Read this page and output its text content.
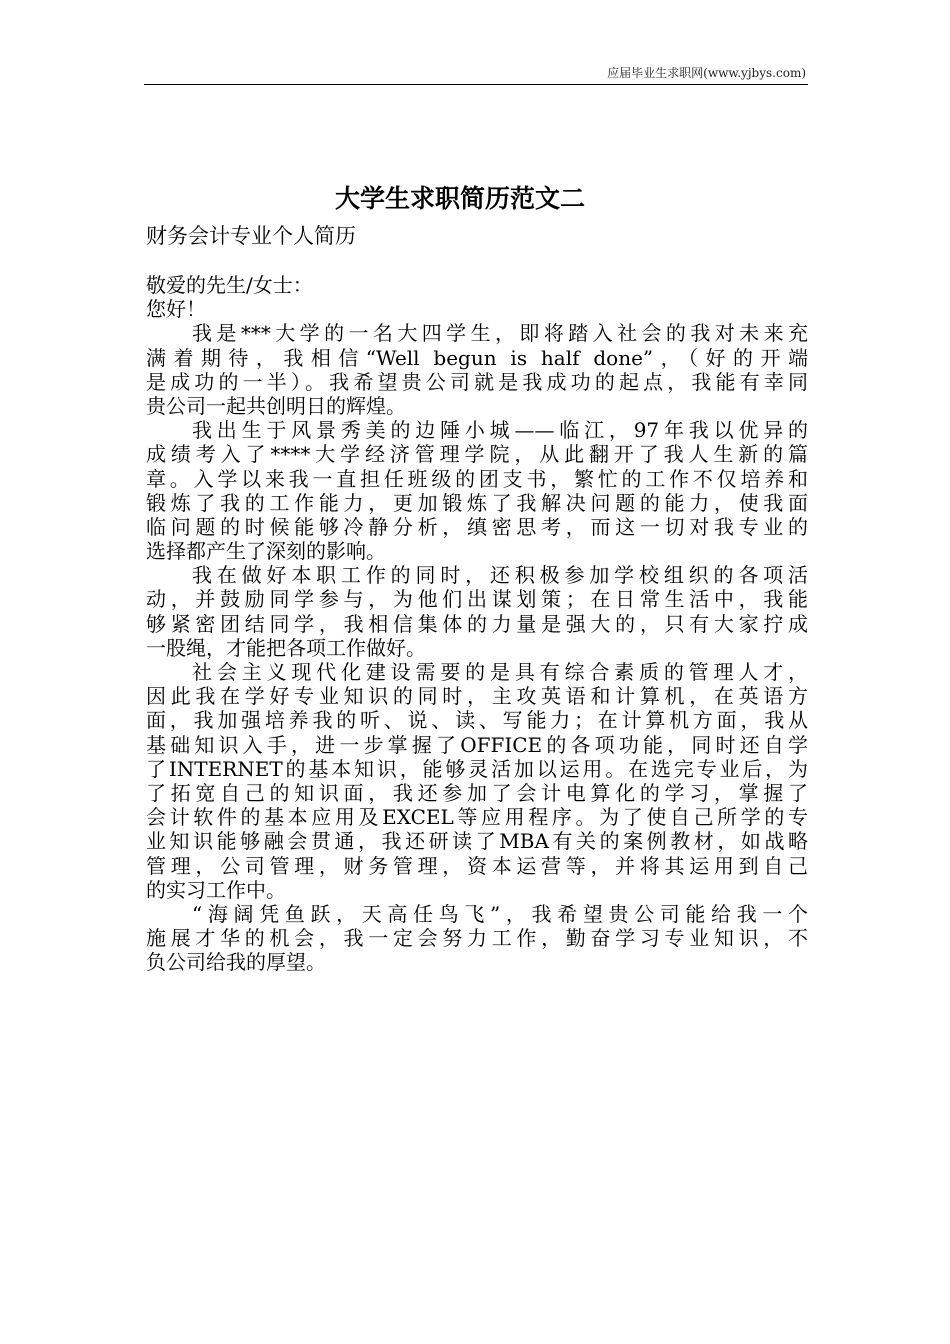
应届毕业生求职网(www.yjbys.com)
大学生求职简历范文二
财务会计专业个人简历
敬爱的先生/女士：
您好！
我是***大学的一名大四学生，即将踏入社会的我对未来充
满着期待，我相信“Well begun is half done”，（好的开端
是成功的一半）。我希望贵公司就是我成功的起点，我能有幸同
贵公司一起共创明日的辉煌。
我出生于风景秀美的边陲小城——临江，97年我以优异的
成绩考入了****大学经济管理学院，从此翻开了我人生新的篇
章。入学以来我一直担任班级的团支书，繁忙的工作不仅培养和
锻炼了我的工作能力，更加锻炼了我解决问题的能力，使我面
临问题的时候能够冷静分析，缜密思考，而这一切对我专业的
选择都产生了深刻的影响。
我在做好本职工作的同时，还积极参加学校组织的各项活
动，并鼓励同学参与，为他们出谋划策；在日常生活中，我能
够紧密团结同学，我相信集体的力量是强大的，只有大家拧成
一股绳，才能把各项工作做好。
社会主义现代化建设需要的是具有综合素质的管理人才，
因此我在学好专业知识的同时，主攻英语和计算机，在英语方
面，我加强培养我的听、说、读、写能力；在计算机方面，我从
基础知识入手，进一步掌握了OFFICE的各项功能，同时还自学
了INTERNET的基本知识，能够灵活加以运用。在选完专业后，为
了拓宽自己的知识面，我还参加了会计电算化的学习，掌握了
会计软件的基本应用及EXCEL等应用程序。为了使自己所学的专
业知识能够融会贯通，我还研读了MBA有关的案例教材，如战略
管理，公司管理，财务管理，资本运营等，并将其运用到自己
的实习工作中。
“海阔凭鱼跃，天高任鸟飞”，我希望贵公司能给我一个
施展才华的机会，我一定会努力工作，勤奋学习专业知识，不
负公司给我的厚望。
